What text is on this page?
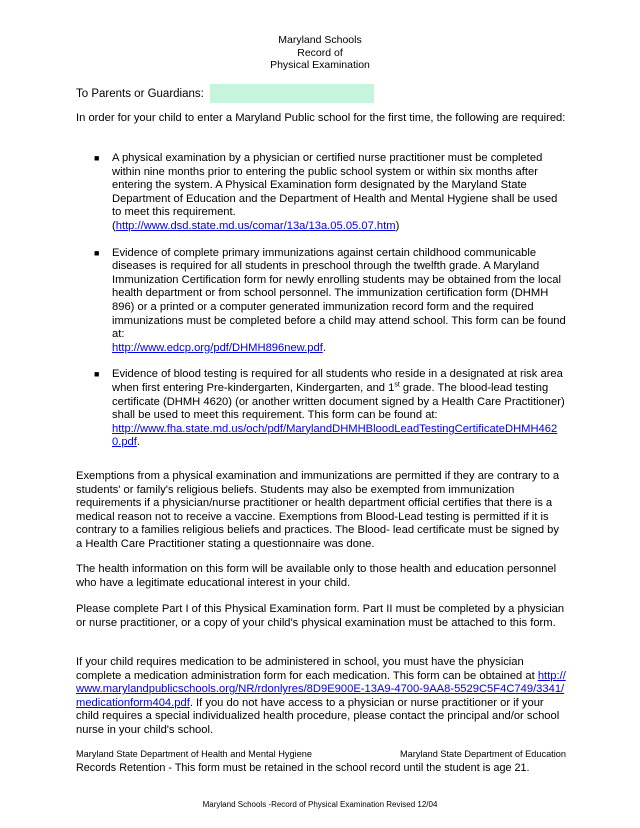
Maryland Schools
Record of
Physical Examination
To Parents or Guardians:
In order for your child to enter a Maryland Public school for the first time, the following are required:
■ A physical examination by a physician or certified nurse practitioner must be completed within nine months prior to entering the public school system or within six months after entering the system. A Physical Examination form designated by the Maryland State Department of Education and the Department of Health and Mental Hygiene shall be used to meet this requirement.
(http://www.dsd.state.md.us/comar/13a/13a.05.05.07.htm)
■ Evidence of complete primary immunizations against certain childhood communicable diseases is required for all students in preschool through the twelfth grade. A Maryland Immunization Certification form for newly enrolling students may be obtained from the local health department or from school personnel. The immunization certification form (DHMH 896) or a printed or a computer generated immunization record form and the required immunizations must be completed before a child may attend school. This form can be found at:
http://www.edcp.org/pdf/DHMH896new.pdf.
■ Evidence of blood testing is required for all students who reside in a designated at risk area when first entering Pre-kindergarten, Kindergarten, and 1st grade. The blood-lead testing certificate (DHMH 4620) (or another written document signed by a Health Care Practitioner) shall be used to meet this requirement. This form can be found at:
http://www.fha.state.md.us/och/pdf/MarylandDHMHBloodLeadTestingCertificateDHMH4620.pdf.
Exemptions from a physical examination and immunizations are permitted if they are contrary to a students' or family's religious beliefs. Students may also be exempted from immunization requirements if a physician/nurse practitioner or health department official certifies that there is a medical reason not to receive a vaccine. Exemptions from Blood-Lead testing is permitted if it is contrary to a families religious beliefs and practices. The Blood- lead certificate must be signed by a Health Care Practitioner stating a questionnaire was done.
The health information on this form will be available only to those health and education personnel who have a legitimate educational interest in your child.
Please complete Part I of this Physical Examination form. Part II must be completed by a physician or nurse practitioner, or a copy of your child's physical examination must be attached to this form.
If your child requires medication to be administered in school, you must have the physician complete a medication administration form for each medication. This form can be obtained at http://www.marylandpublicschools.org/NR/rdonlyres/8D9E900E-13A9-4700-9AA8-5529C5F4C749/3341/medicationform404.pdf. If you do not have access to a physician or nurse practitioner or if your child requires a special individualized health procedure, please contact the principal and/or school nurse in your child's school.
Maryland State Department of Health and Mental Hygiene	Maryland State Department of Education
Records Retention - This form must be retained in the school record until the student is age 21.
Maryland Schools -Record of Physical Examination Revised 12/04
